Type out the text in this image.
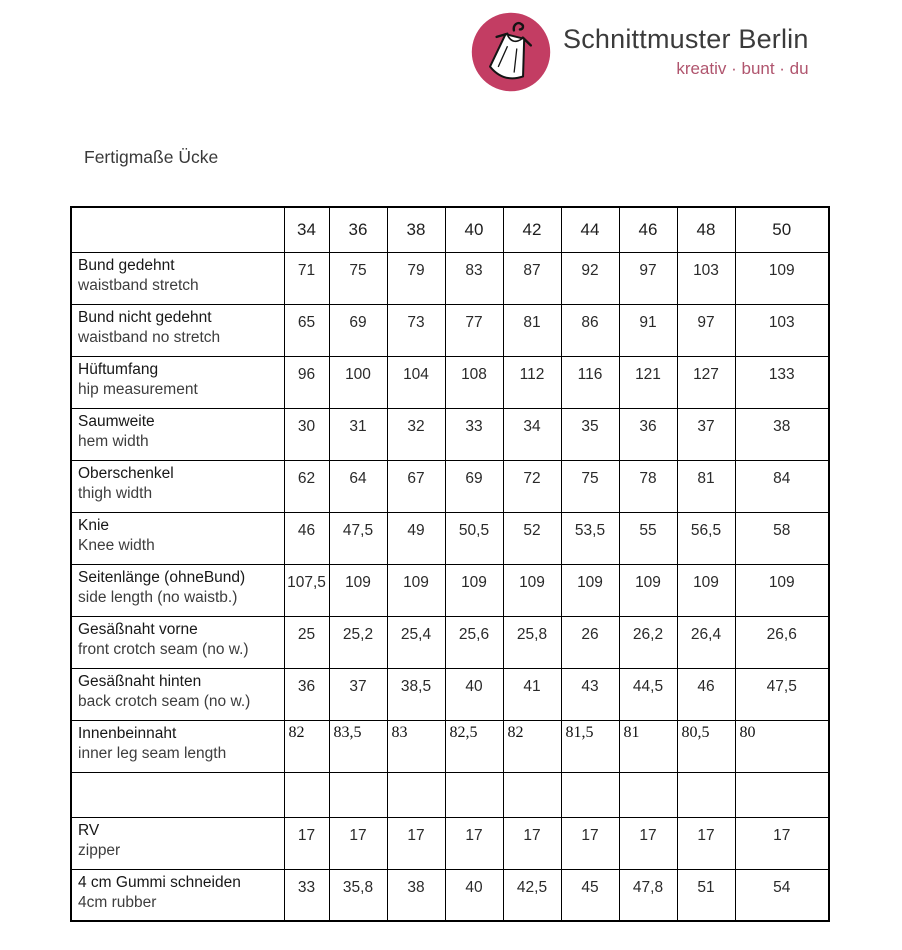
Schnittmuster Berlin
kreativ · bunt · du
Fertigmaße Ücke
	34	36	38	40	42	44	46	48	50

Bund gedehnt
waistband stretch	71	75	79	83	87	92	97	103	109

Bund nicht gedehnt
waistband no stretch	65	69	73	77	81	86	91	97	103

Hüftumfang
hip measurement	96	100	104	108	112	116	121	127	133

Saumweite
hem width	30	31	32	33	34	35	36	37	38

Oberschenkel
thigh width	62	64	67	69	72	75	78	81	84

Knie
Knee width	46	47,5	49	50,5	52	53,5	55	56,5	58

Seitenlänge (ohneBund)
side length (no waistb.)	107,5	109	109	109	109	109	109	109	109

Gesäßnaht vorne
front crotch seam (no w.)	25	25,2	25,4	25,6	25,8	26	26,2	26,4	26,6

Gesäßnaht hinten
back crotch seam (no w.)	36	37	38,5	40	41	43	44,5	46	47,5

Innenbeinnaht
inner leg seam length	82	83,5	83	82,5	82	81,5	81	80,5	80

RV
zipper	17	17	17	17	17	17	17	17	17

4 cm Gummi schneiden
4cm rubber	33	35,8	38	40	42,5	45	47,8	51	54
